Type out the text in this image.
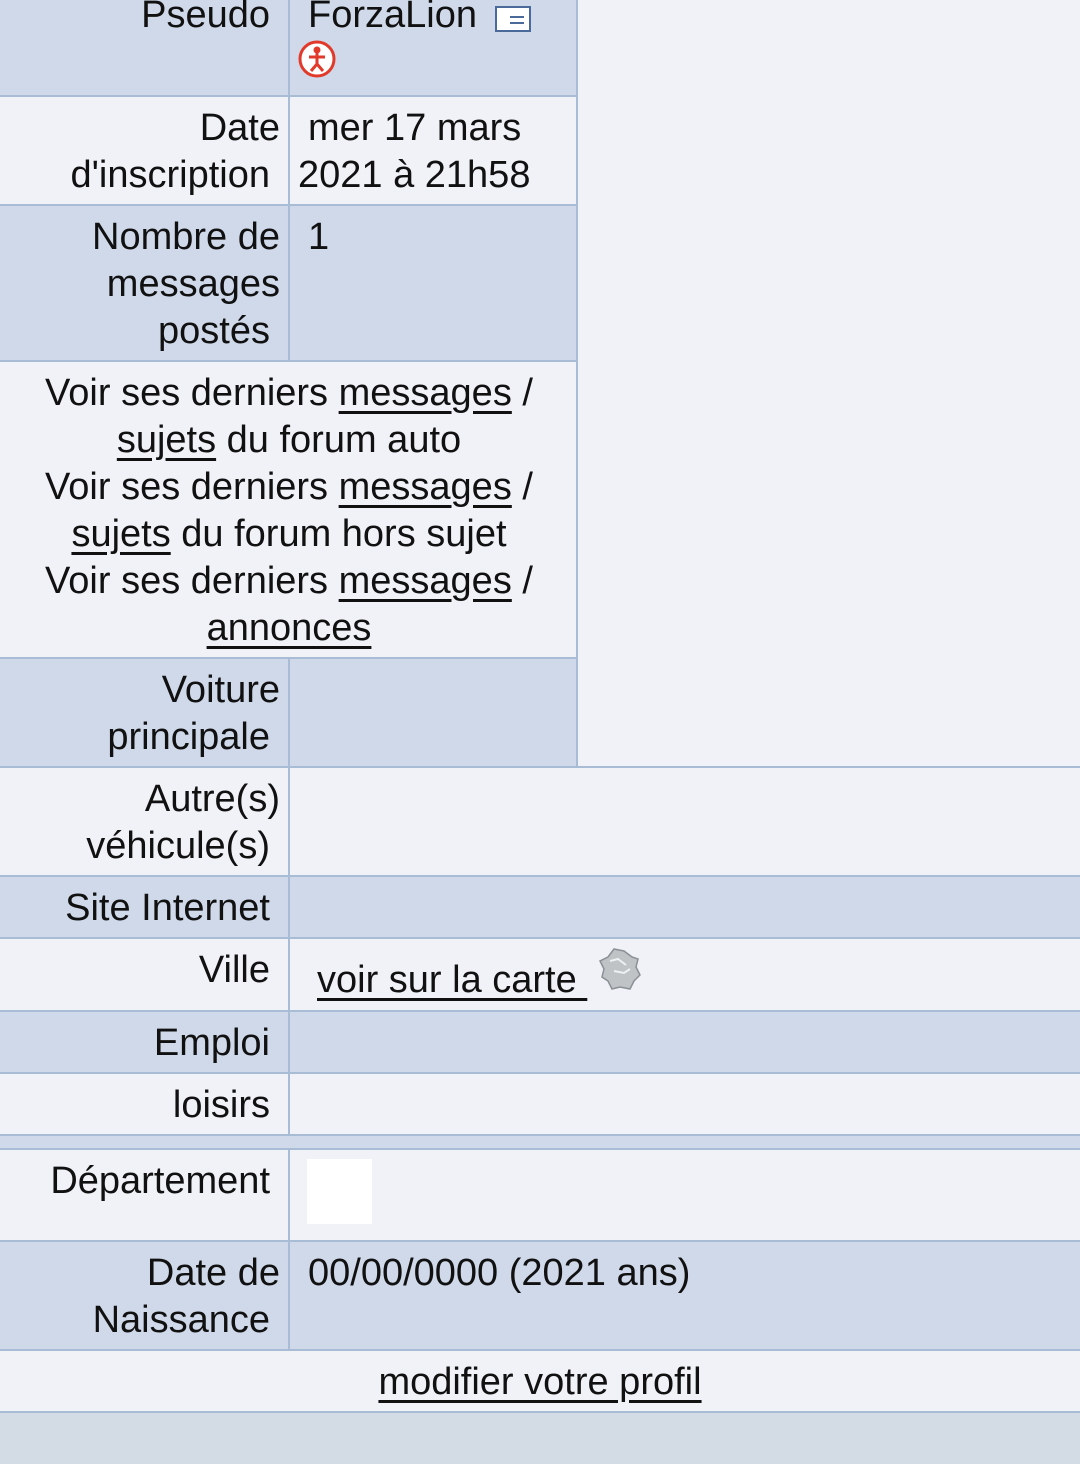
Pseudo ForzaLion
Date
d'inscription
mer 17 mars
2021 à 21h58
Nombre de
messages
postés
1
Voir ses derniers messages /
sujets du forum auto
Voir ses derniers messages /
sujets du forum hors sujet
Voir ses derniers messages /
annonces
Voiture
principale
Autre(s)
véhicule(s)
Site Internet
Ville	voir sur la carte
Emploi
loisirs
Département
Date de
Naissance
00/00/0000 (2021 ans)
modifier votre profil
